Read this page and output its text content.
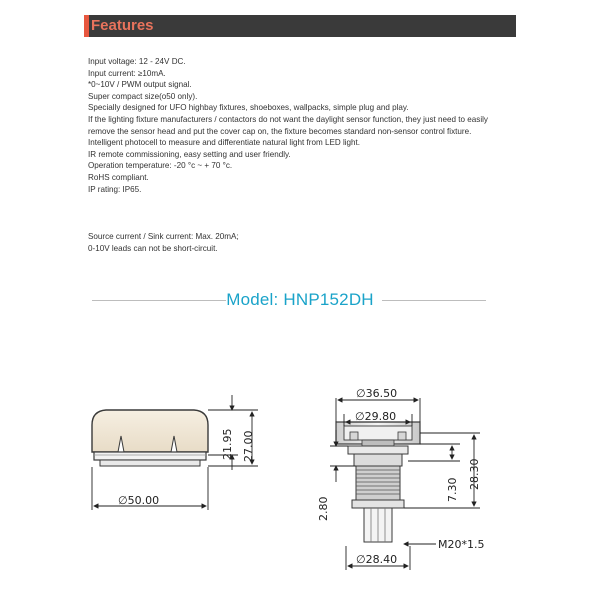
Features
Input voltage: 12 - 24V DC.
Input current: ≥10mA.
*0~10V / PWM output signal.
Super compact size(ο50 only).
Specially designed for UFO highbay fixtures, shoeboxes, wallpacks, simple plug and play.
If the lighting fixture manufacturers / contactors do not want the daylight sensor function, they just need to easily
remove the sensor head and put the cover cap on, the fixture becomes standard non-sensor control fixture.
Intelligent photocell to measure and differentiate natural light from LED light.
IR remote commissioning, easy setting and user friendly.
Operation temperature: -20 °c ~ + 70 °c.
RoHS compliant.
IP rating: IP65.
Source current / Sink current: Max. 20mA;
0-10V leads can not be short-circuit.
Model: HNP152DH
∅50.00
21.95 27.00
∅36.50
∅29.80
28.30
7.30
2.80
M20*1.5
∅28.40
